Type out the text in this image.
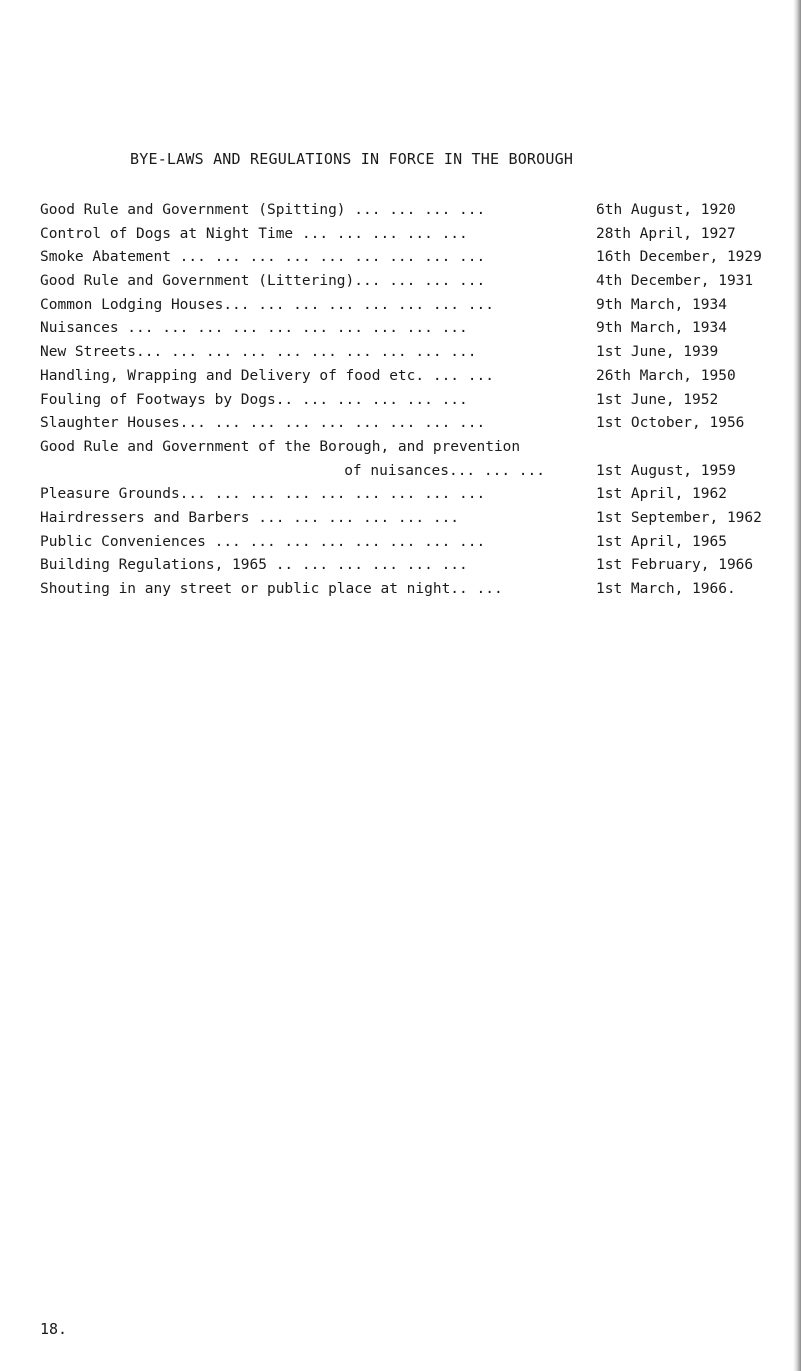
BYE-LAWS AND REGULATIONS IN FORCE IN THE BOROUGH
Good Rule and Government (Spitting) ... ... ... ...	6th August, 1920
Control of Dogs at Night Time ... ... ... ... ...	28th April, 1927
Smoke Abatement ... ... ... ... ... ... ... ... ...	16th December, 1929
Good Rule and Government (Littering)... ... ... ...	4th December, 1931
Common Lodging Houses... ... ... ... ... ... ... ...	9th March, 1934
Nuisances ... ... ... ... ... ... ... ... ... ...	9th March, 1934
New Streets... ... ... ... ... ... ... ... ... ...	1st June, 1939
Handling, Wrapping and Delivery of food etc. ... ...	26th March, 1950
Fouling of Footways by Dogs.. ... ... ... ... ...	1st June, 1952
Slaughter Houses... ... ... ... ... ... ... ... ...	1st October, 1956
Good Rule and Government of the Borough, and prevention
of nuisances... ... ...	1st August, 1959
Pleasure Grounds... ... ... ... ... ... ... ... ...	1st April, 1962
Hairdressers and Barbers ... ... ... ... ... ...	1st September, 1962
Public Conveniences ... ... ... ... ... ... ... ...	1st April, 1965
Building Regulations, 1965 .. ... ... ... ... ...	1st February, 1966
Shouting in any street or public place at night.. ...	1st March, 1966.
18.
